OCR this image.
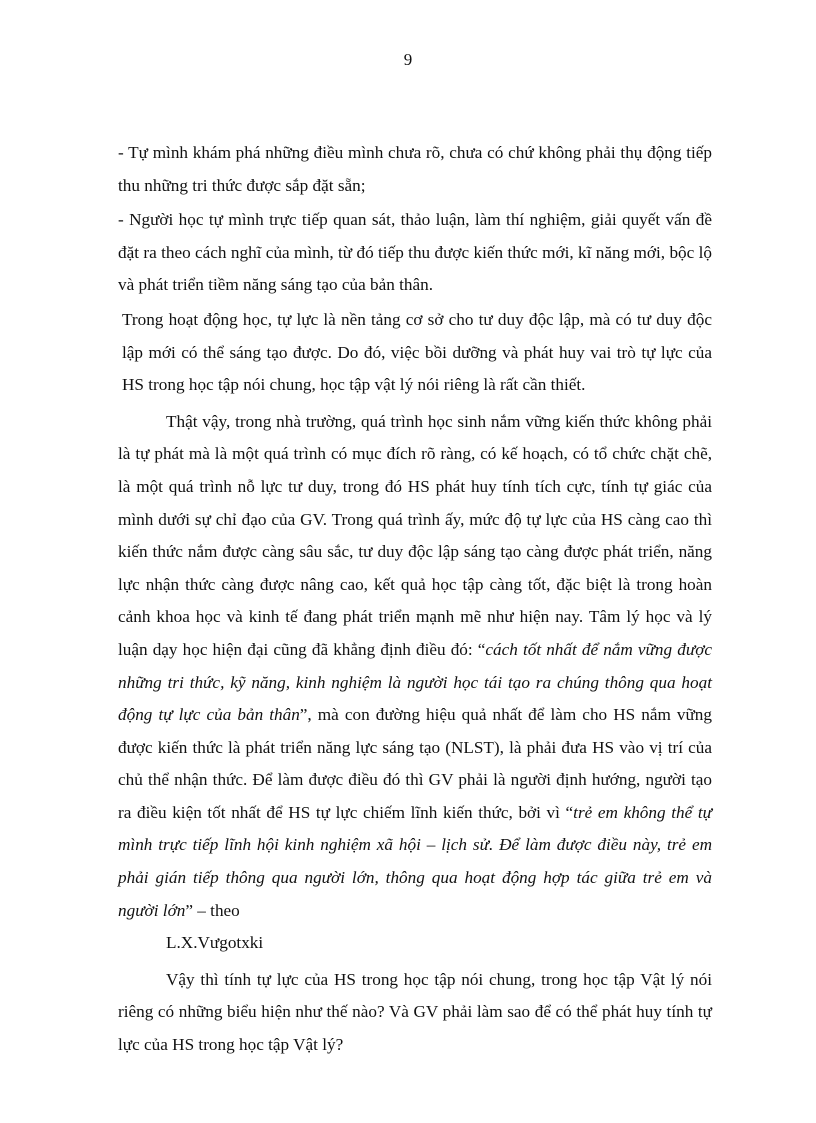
9

- Tự mình khám phá những điều mình chưa rõ, chưa có chứ không phải thụ động tiếp thu những tri thức được sắp đặt sẵn;

- Người học tự mình trực tiếp quan sát, thảo luận, làm thí nghiệm, giải quyết vấn đề đặt ra theo cách nghĩ của mình, từ đó tiếp thu được kiến thức mới, kĩ năng mới, bộc lộ và phát triển tiềm năng sáng tạo của bản thân.

Trong hoạt động học, tự lực là nền tảng cơ sở cho tư duy độc lập, mà có tư duy độc lập mới có thể sáng tạo được. Do đó, việc bồi dưỡng và phát huy vai trò tự lực của HS trong học tập nói chung, học tập vật lý nói riêng là rất cần thiết.

Thật vậy, trong nhà trường, quá trình học sinh nắm vững kiến thức không phải là tự phát mà là một quá trình có mục đích rõ ràng, có kế hoạch, có tổ chức chặt chẽ, là một quá trình nỗ lực tư duy, trong đó HS phát huy tính tích cực, tính tự giác của mình dưới sự chỉ đạo của GV. Trong quá trình ấy, mức độ tự lực của HS càng cao thì kiến thức nắm được càng sâu sắc, tư duy độc lập sáng tạo càng được phát triển, năng lực nhận thức càng được nâng cao, kết quả học tập càng tốt, đặc biệt là trong hoàn cảnh khoa học và kinh tế đang phát triển mạnh mẽ như hiện nay. Tâm lý học và lý luận dạy học hiện đại cũng đã khẳng định điều đó: “cách tốt nhất để nắm vững được những tri thức, kỹ năng, kinh nghiệm là người học tái tạo ra chúng thông qua hoạt động tự lực của bản thân”, mà con đường hiệu quả nhất để làm cho HS nắm vững được kiến thức là phát triển năng lực sáng tạo (NLST), là phải đưa HS vào vị trí của chủ thể nhận thức. Để làm được điều đó thì GV phải là người định hướng, người tạo ra điều kiện tốt nhất để HS tự lực chiếm lĩnh kiến thức, bởi vì “trẻ em không thể tự mình trực tiếp lĩnh hội kinh nghiệm xã hội – lịch sử. Để làm được điều này, trẻ em phải gián tiếp thông qua người lớn, thông qua hoạt động hợp tác giữa trẻ em và người lớn” – theo
L.X.Vưgotxki

Vậy thì tính tự lực của HS trong học tập nói chung, trong học tập Vật lý nói riêng có những biểu hiện như thế nào? Và GV phải làm sao để có thể phát huy tính tự lực của HS trong học tập Vật lý?
